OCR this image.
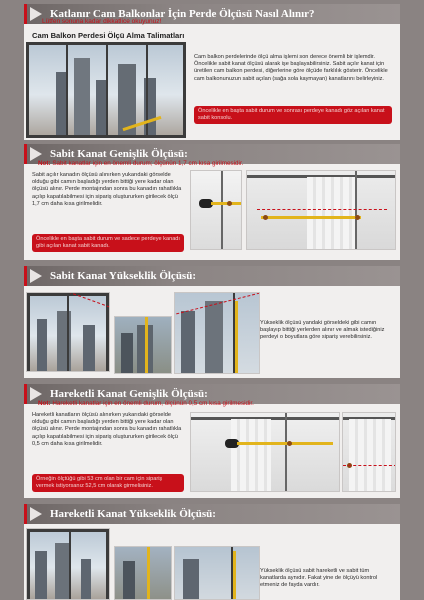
Katlanır Cam Balkonlar İçin Perde Ölçüsü Nasıl Alınır?
Lütfen sonuna kadar dikkatlice okuyunuz!
Cam Balkon Perdesi Ölçü Alma Talimatları
Cam balkon perdelerinde ölçü alma işlemi son derece önemli bir işlemdir. Öncelikle sabit kanat ölçüsü alarak işe başlayabilirsiniz. Sabit açılır kanat için üretilen cam balkon perdesi, diğerlerine göre ölçüde farklılık gösterir. Öncelikle cam balkonunuzun sabit açılan (sağa sola kaymayan) kanatlarını belirleyiniz.
Öncelikle en başta sabit durum ve sonrası perdeye kanadı göz açılan kanat sabit konsolu.
Sabit Kanat Genişlik Ölçüsü:
Not: Sabit kanatlar için en önemli durum; ölçünün 1,7 cm kısa girilmesidir.
Sabit açılır kanadın ölçüsü alınırken yukarıdaki görselde olduğu gibi camın başladığı yerden bittiği yere kadar olan ölçüsü alınır. Perde montajından sonra bu kanadın rahatlıkla açılıp kapatılabilmesi için sipariş oluştururken girilecek ölçü 1,7 cm daha kısa girilmelidir.
Öncelikle en başta sabit durum ve sadece perdeye kanadı gibi açılan kanat sabit kanadı.
Sabit Kanat Yükseklik Ölçüsü:
Yükseklik ölçüsü yandaki görseldeki gibi camın başlayıp bittiği yerlerden alınır ve almak istediğiniz perdeyi o boyutlara göre sipariş verebilirsiniz.
Hareketli Kanat Genişlik Ölçüsü:
Not: Hareketli kanatlar için en önemli durum, ölçünün 0,5 cm kısa girilmesidir.
Hareketli kanatların ölçüsü alınırken yukarıdaki görselde olduğu gibi camın başladığı yerden bittiği yere kadar olan ölçüsü alınır. Perde montajından sonra bu kanadın rahatlıkla açılıp kapatılabilmesi için sipariş oluştururken girilecek ölçü 0,5 cm daha kısa girilmelidir.
Örneğin ölçtüğü gibi 53 cm olan bir cam için sipariş vermek istiyorsanız 52,5 cm olarak girmelisiniz.
Hareketli Kanat Yükseklik Ölçüsü:
Yükseklik ölçüsü sabit hareketli ve sabit tüm kanatlarda aynıdır. Fakat yine de ölçüyü kontrol etmeniz de fayda vardır.
